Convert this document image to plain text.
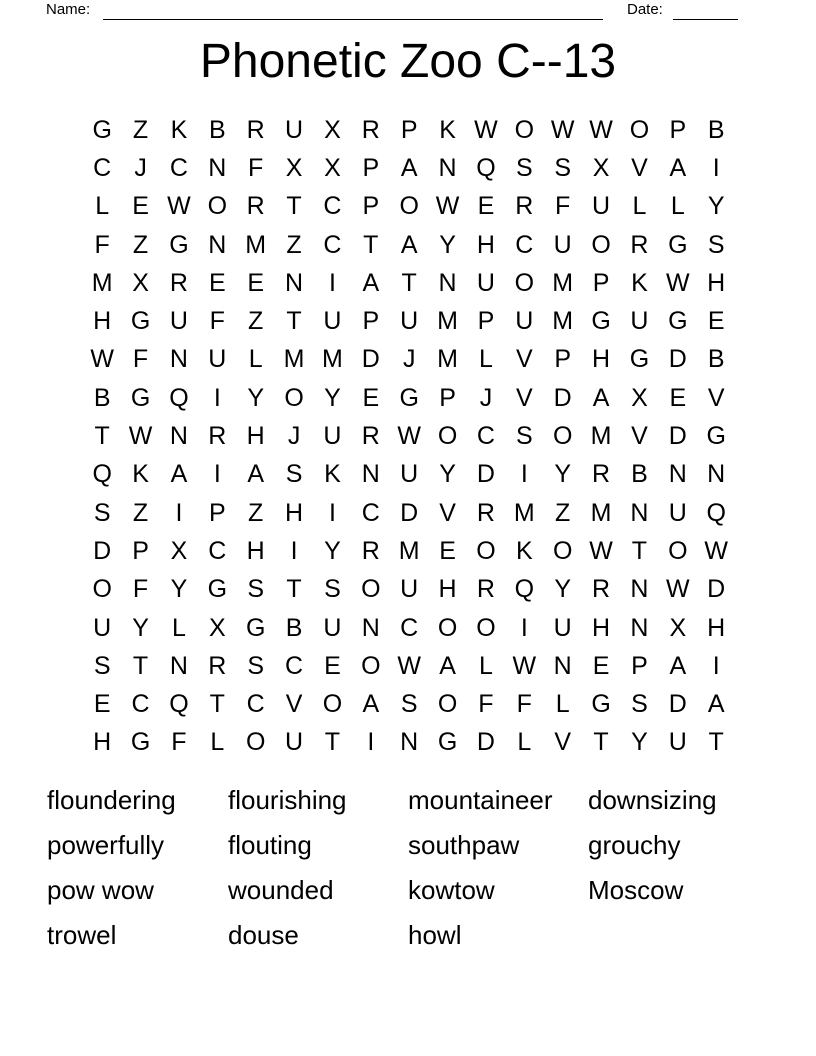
Name:	Date:
Phonetic Zoo C--13
G Z K B R U X R P K W O W W O P B
C J C N F X X P A N Q S S X V A	I
L E W O R T C P O W E R F U L L Y
F Z G N M Z C T A Y H C U O R G S
M X R E E N	I	A T N U O M P K W H
H G U F Z T U P U M P U M G U G E
W F N U L M M D J M L V P H G D B
B G Q	I	Y O Y E G P J V D A X E V
T W N R H J U R W O C S O M V D G
Q K A	I	A S K N U Y D	I	Y R B N N
S Z	I	P Z H	I	C D V R M Z M N U Q
D P X C H	I	Y R M E O K O W T O W
O F Y G S T S O U H R Q Y R N W D
U Y L X G B U N C O O	I	U H N X H
S T N R S C E O W A L W N E P A	I
E C Q T C V O A S O F F L G S D A
H G F L O U T	I	N G D L V T Y U T
floundering
powerfully
pow wow
trowel
flourishing
flouting
wounded
douse
mountaineer
southpaw
kowtow
howl
downsizing
grouchy
Moscow
